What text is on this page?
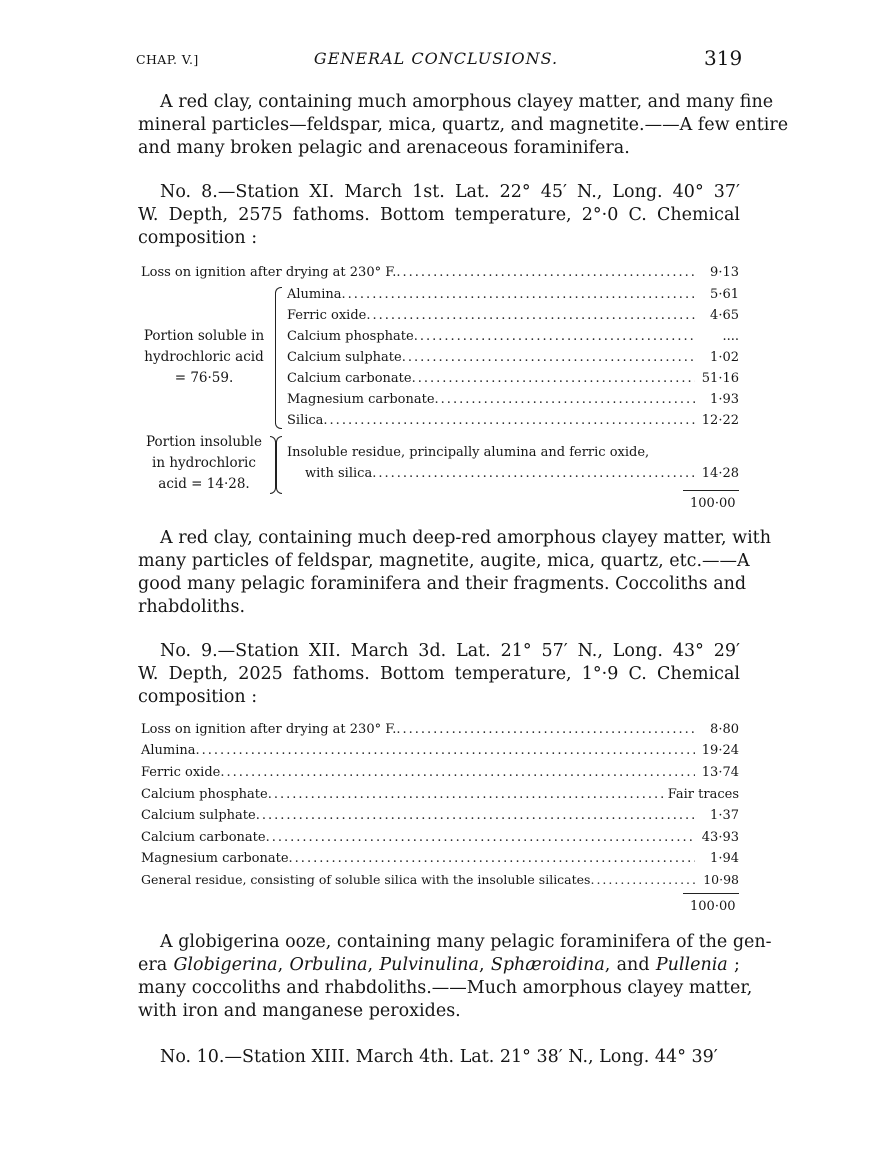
CHAP. V.]	GENERAL CONCLUSIONS.	319
A red clay, containing much amorphous clayey matter, and many fine
mineral particles—feldspar, mica, quartz, and magnetite.——A few entire
and many broken pelagic and arenaceous foraminifera.
No. 8.—Station XI. March 1st. Lat. 22° 45′ N., Long. 40° 37′
W. Depth, 2575 fathoms. Bottom temperature, 2°·0 C. Chemical
composition :
Loss on ignition after drying at 230° F. .....	9·13
Portion soluble in
hydrochloric acid
= 76·59.
Alumina .....	5·61
Ferric oxide .....	4·65
Calcium phosphate .....	....
Calcium sulphate .....	1·02
Calcium carbonate .....	51·16
Magnesium carbonate .....	1·93
Silica .....	12·22
Portion insoluble
in hydrochloric
acid = 14·28.
Insoluble residue, principally alumina and ferric oxide,
with silica .....	14·28
100·00
A red clay, containing much deep-red amorphous clayey matter, with
many particles of feldspar, magnetite, augite, mica, quartz, etc.——A
good many pelagic foraminifera and their fragments. Coccoliths and
rhabdoliths.
No. 9.—Station XII. March 3d. Lat. 21° 57′ N., Long. 43° 29′
W. Depth, 2025 fathoms. Bottom temperature, 1°·9 C. Chemical
composition :
Loss on ignition after drying at 230° F. .....	8·80
Alumina .....	19·24
Ferric oxide .....	13·74
Calcium phosphate .....	Fair traces
Calcium sulphate .....	1·37
Calcium carbonate .....	43·93
Magnesium carbonate .....	1·94
General residue, consisting of soluble silica with the insoluble silicates .....	10·98
100·00
A globigerina ooze, containing many pelagic foraminifera of the gen-
era Globigerina, Orbulina, Pulvinulina, Sphæroidina, and Pullenia ;
many coccoliths and rhabdoliths.——Much amorphous clayey matter,
with iron and manganese peroxides.
No. 10.—Station XIII. March 4th. Lat. 21° 38′ N., Long. 44° 39′
